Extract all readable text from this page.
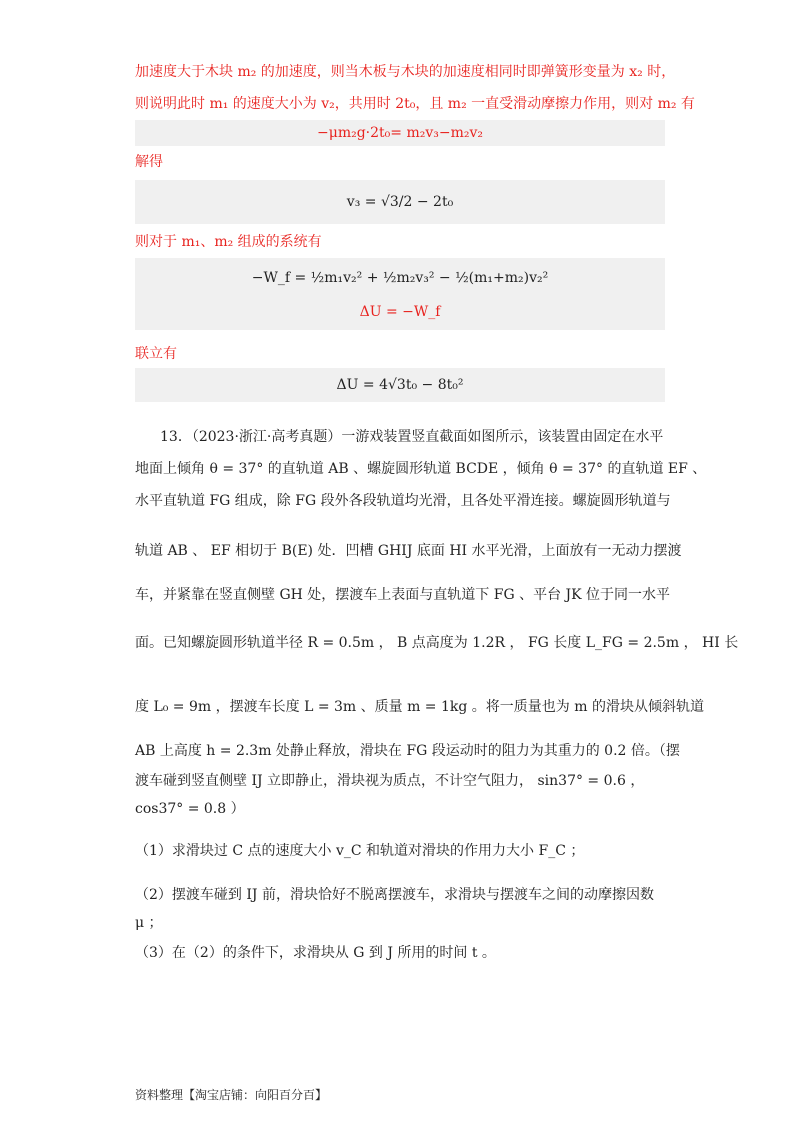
加速度大于木块 m₂ 的加速度，则当木板与木块的加速度相同时即弹簧形变量为 x₂ 时，
则说明此时 m₁ 的速度大小为 v₂，共用时 2t₀，且 m₂ 一直受滑动摩擦力作用，则对 m₂ 有
−μm₂g·2t₀= m₂v₃−m₂v₂
解得
v₃ = √3/2 − 2t₀
则对于 m₁、m₂ 组成的系统有
−W_f = ½m₁v₂² + ½m₂v₃² − ½(m₁+m₂)v₂²
ΔU = −W_f
联立有
ΔU = 4√3t₀ − 8t₀²
13．（2023·浙江·高考真题）一游戏装置竖直截面如图所示，该装置由固定在水平
地面上倾角 θ = 37° 的直轨道 AB 、螺旋圆形轨道 BCDE ，倾角 θ = 37° 的直轨道 EF 、
水平直轨道 FG 组成，除 FG 段外各段轨道均光滑，且各处平滑连接。螺旋圆形轨道与
轨道 AB 、 EF 相切于 B(E) 处．凹槽 GHIJ 底面 HI 水平光滑，上面放有一无动力摆渡
车，并紧靠在竖直侧壁 GH 处，摆渡车上表面与直轨道下 FG 、平台 JK 位于同一水平
面。已知螺旋圆形轨道半径 R = 0.5m ， B 点高度为 1.2R ， FG 长度 L_FG = 2.5m ， HI 长
度 L₀ = 9m ，摆渡车长度 L = 3m 、质量 m = 1kg 。将一质量也为 m 的滑块从倾斜轨道
AB 上高度 h = 2.3m 处静止释放，滑块在 FG 段运动时的阻力为其重力的 0.2 倍。（摆
渡车碰到竖直侧壁 IJ 立即静止，滑块视为质点，不计空气阻力， sin37° = 0.6 ，
cos37° = 0.8 ）
（1）求滑块过 C 点的速度大小 v_C 和轨道对滑块的作用力大小 F_C ；
（2）摆渡车碰到 IJ 前，滑块恰好不脱离摆渡车，求滑块与摆渡车之间的动摩擦因数
μ ；
（3）在（2）的条件下，求滑块从 G 到 J 所用的时间 t 。
资料整理【淘宝店铺：向阳百分百】
